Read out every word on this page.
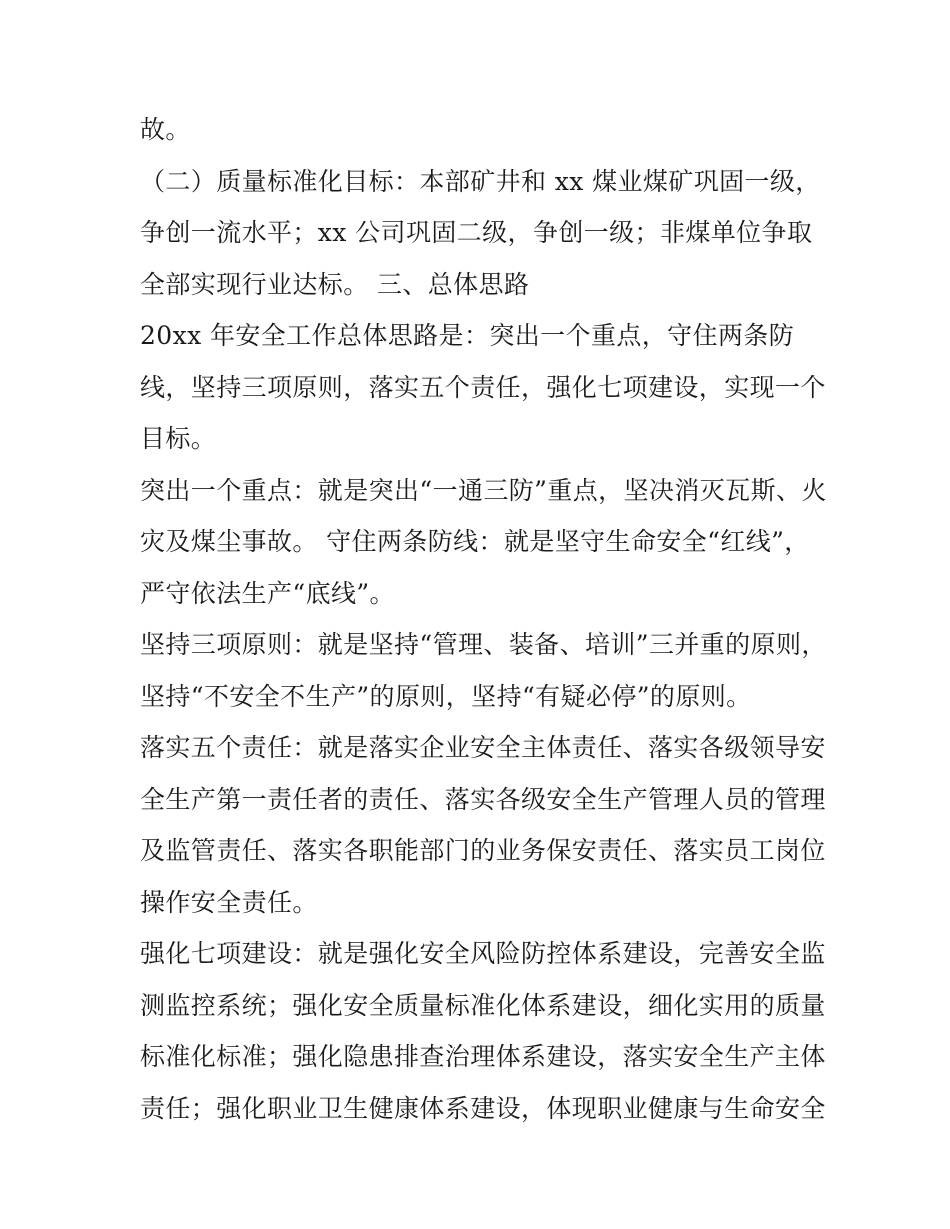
故。
（二）质量标准化目标：本部矿井和 xx 煤业煤矿巩固一级，
争创一流水平；xx 公司巩固二级，争创一级；非煤单位争取
全部实现行业达标。 三、总体思路
20xx 年安全工作总体思路是：突出一个重点，守住两条防
线，坚持三项原则，落实五个责任，强化七项建设，实现一个
目标。
突出一个重点：就是突出“一通三防”重点，坚决消灭瓦斯、火
灾及煤尘事故。 守住两条防线：就是坚守生命安全“红线”，
严守依法生产“底线”。
坚持三项原则：就是坚持“管理、装备、培训”三并重的原则，
坚持“不安全不生产”的原则，坚持“有疑必停”的原则。
落实五个责任：就是落实企业安全主体责任、落实各级领导安
全生产第一责任者的责任、落实各级安全生产管理人员的管理
及监管责任、落实各职能部门的业务保安责任、落实员工岗位
操作安全责任。
强化七项建设：就是强化安全风险防控体系建设，完善安全监
测监控系统；强化安全质量标准化体系建设，细化实用的质量
标准化标准；强化隐患排查治理体系建设，落实安全生产主体
责任；强化职业卫生健康体系建设，体现职业健康与生命安全
